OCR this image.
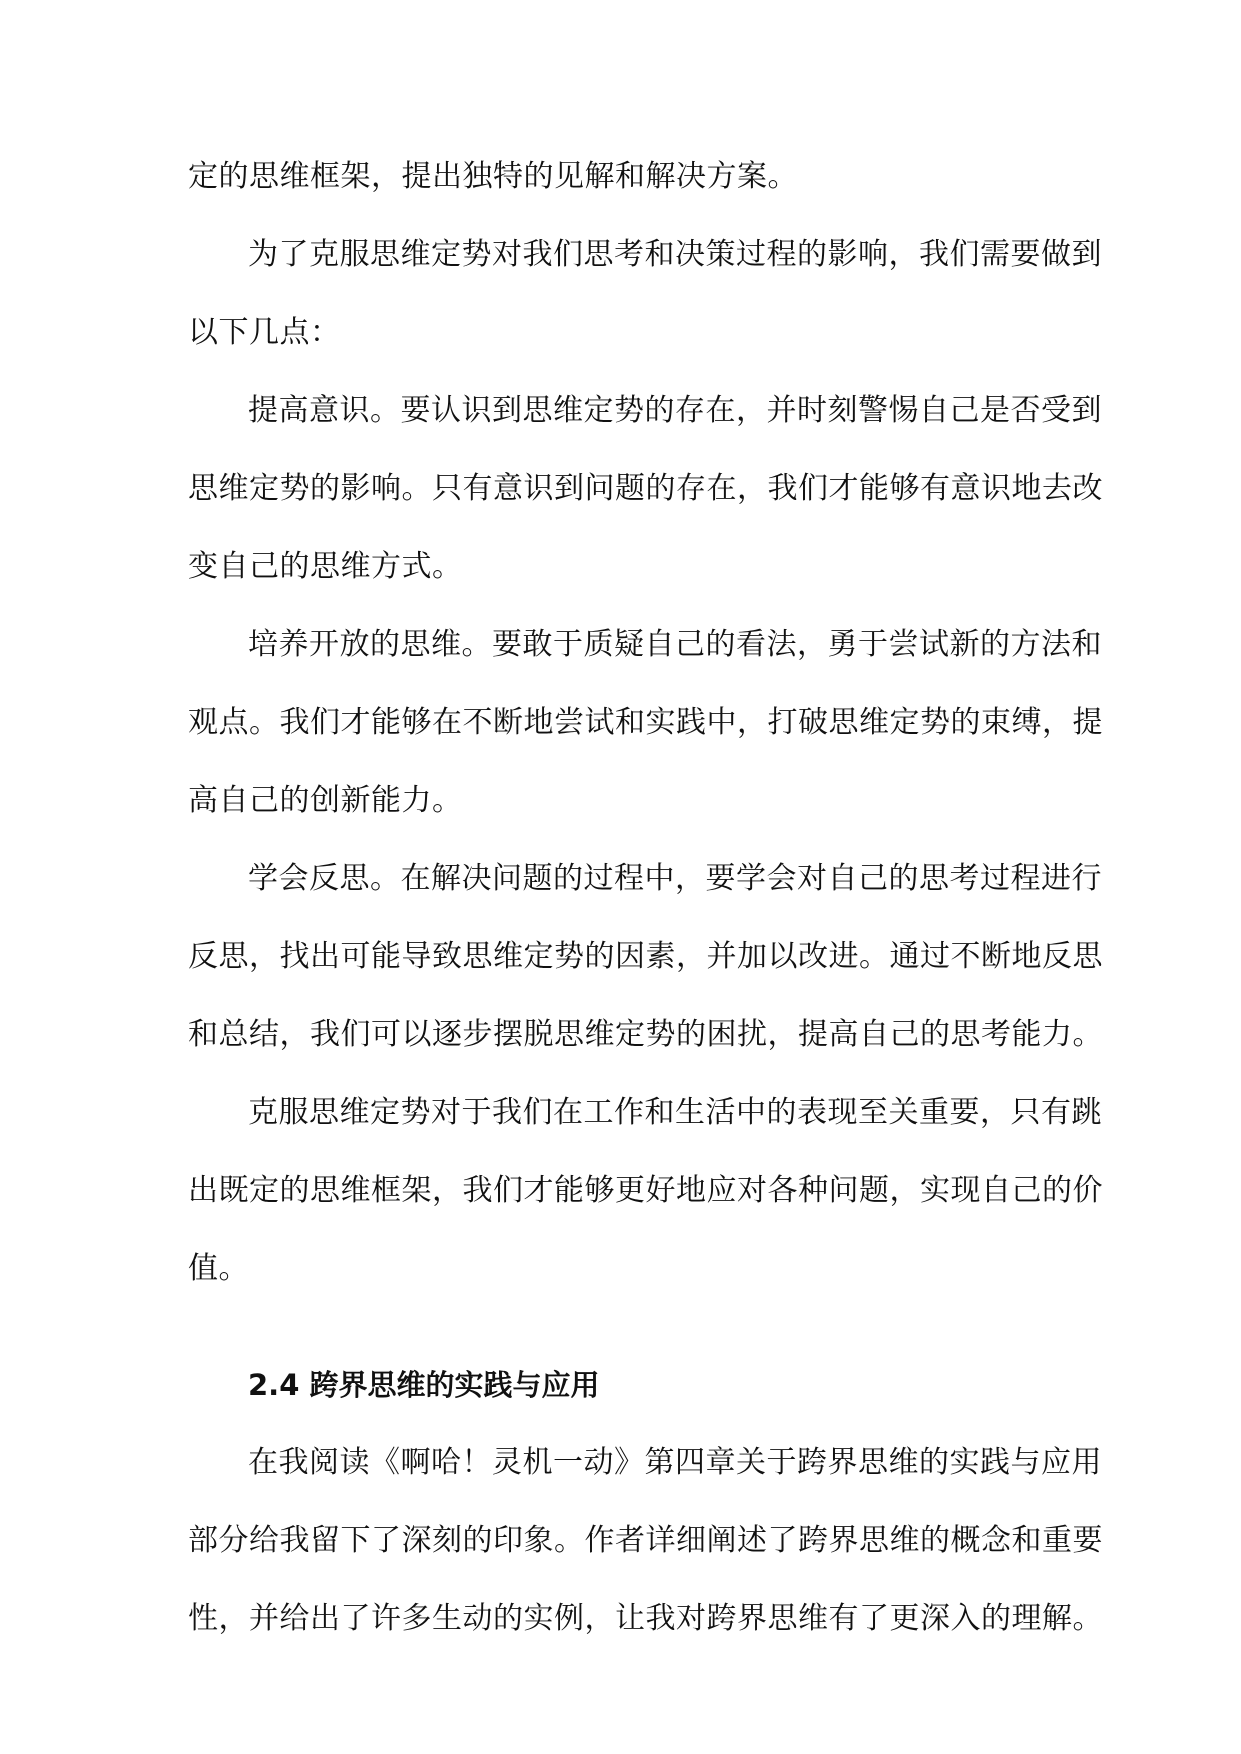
定的思维框架，提出独特的见解和解决方案。

为了克服思维定势对我们思考和决策过程的影响，我们需要做到
以下几点：

提高意识。要认识到思维定势的存在，并时刻警惕自己是否受到
思维定势的影响。只有意识到问题的存在，我们才能够有意识地去改
变自己的思维方式。

培养开放的思维。要敢于质疑自己的看法，勇于尝试新的方法和
观点。我们才能够在不断地尝试和实践中，打破思维定势的束缚，提
高自己的创新能力。

学会反思。在解决问题的过程中，要学会对自己的思考过程进行
反思，找出可能导致思维定势的因素，并加以改进。通过不断地反思
和总结，我们可以逐步摆脱思维定势的困扰，提高自己的思考能力。

克服思维定势对于我们在工作和生活中的表现至关重要，只有跳
出既定的思维框架，我们才能够更好地应对各种问题，实现自己的价
值。

2.4 跨界思维的实践与应用

在我阅读《啊哈！灵机一动》第四章关于跨界思维的实践与应用
部分给我留下了深刻的印象。作者详细阐述了跨界思维的概念和重要
性，并给出了许多生动的实例，让我对跨界思维有了更深入的理解。
